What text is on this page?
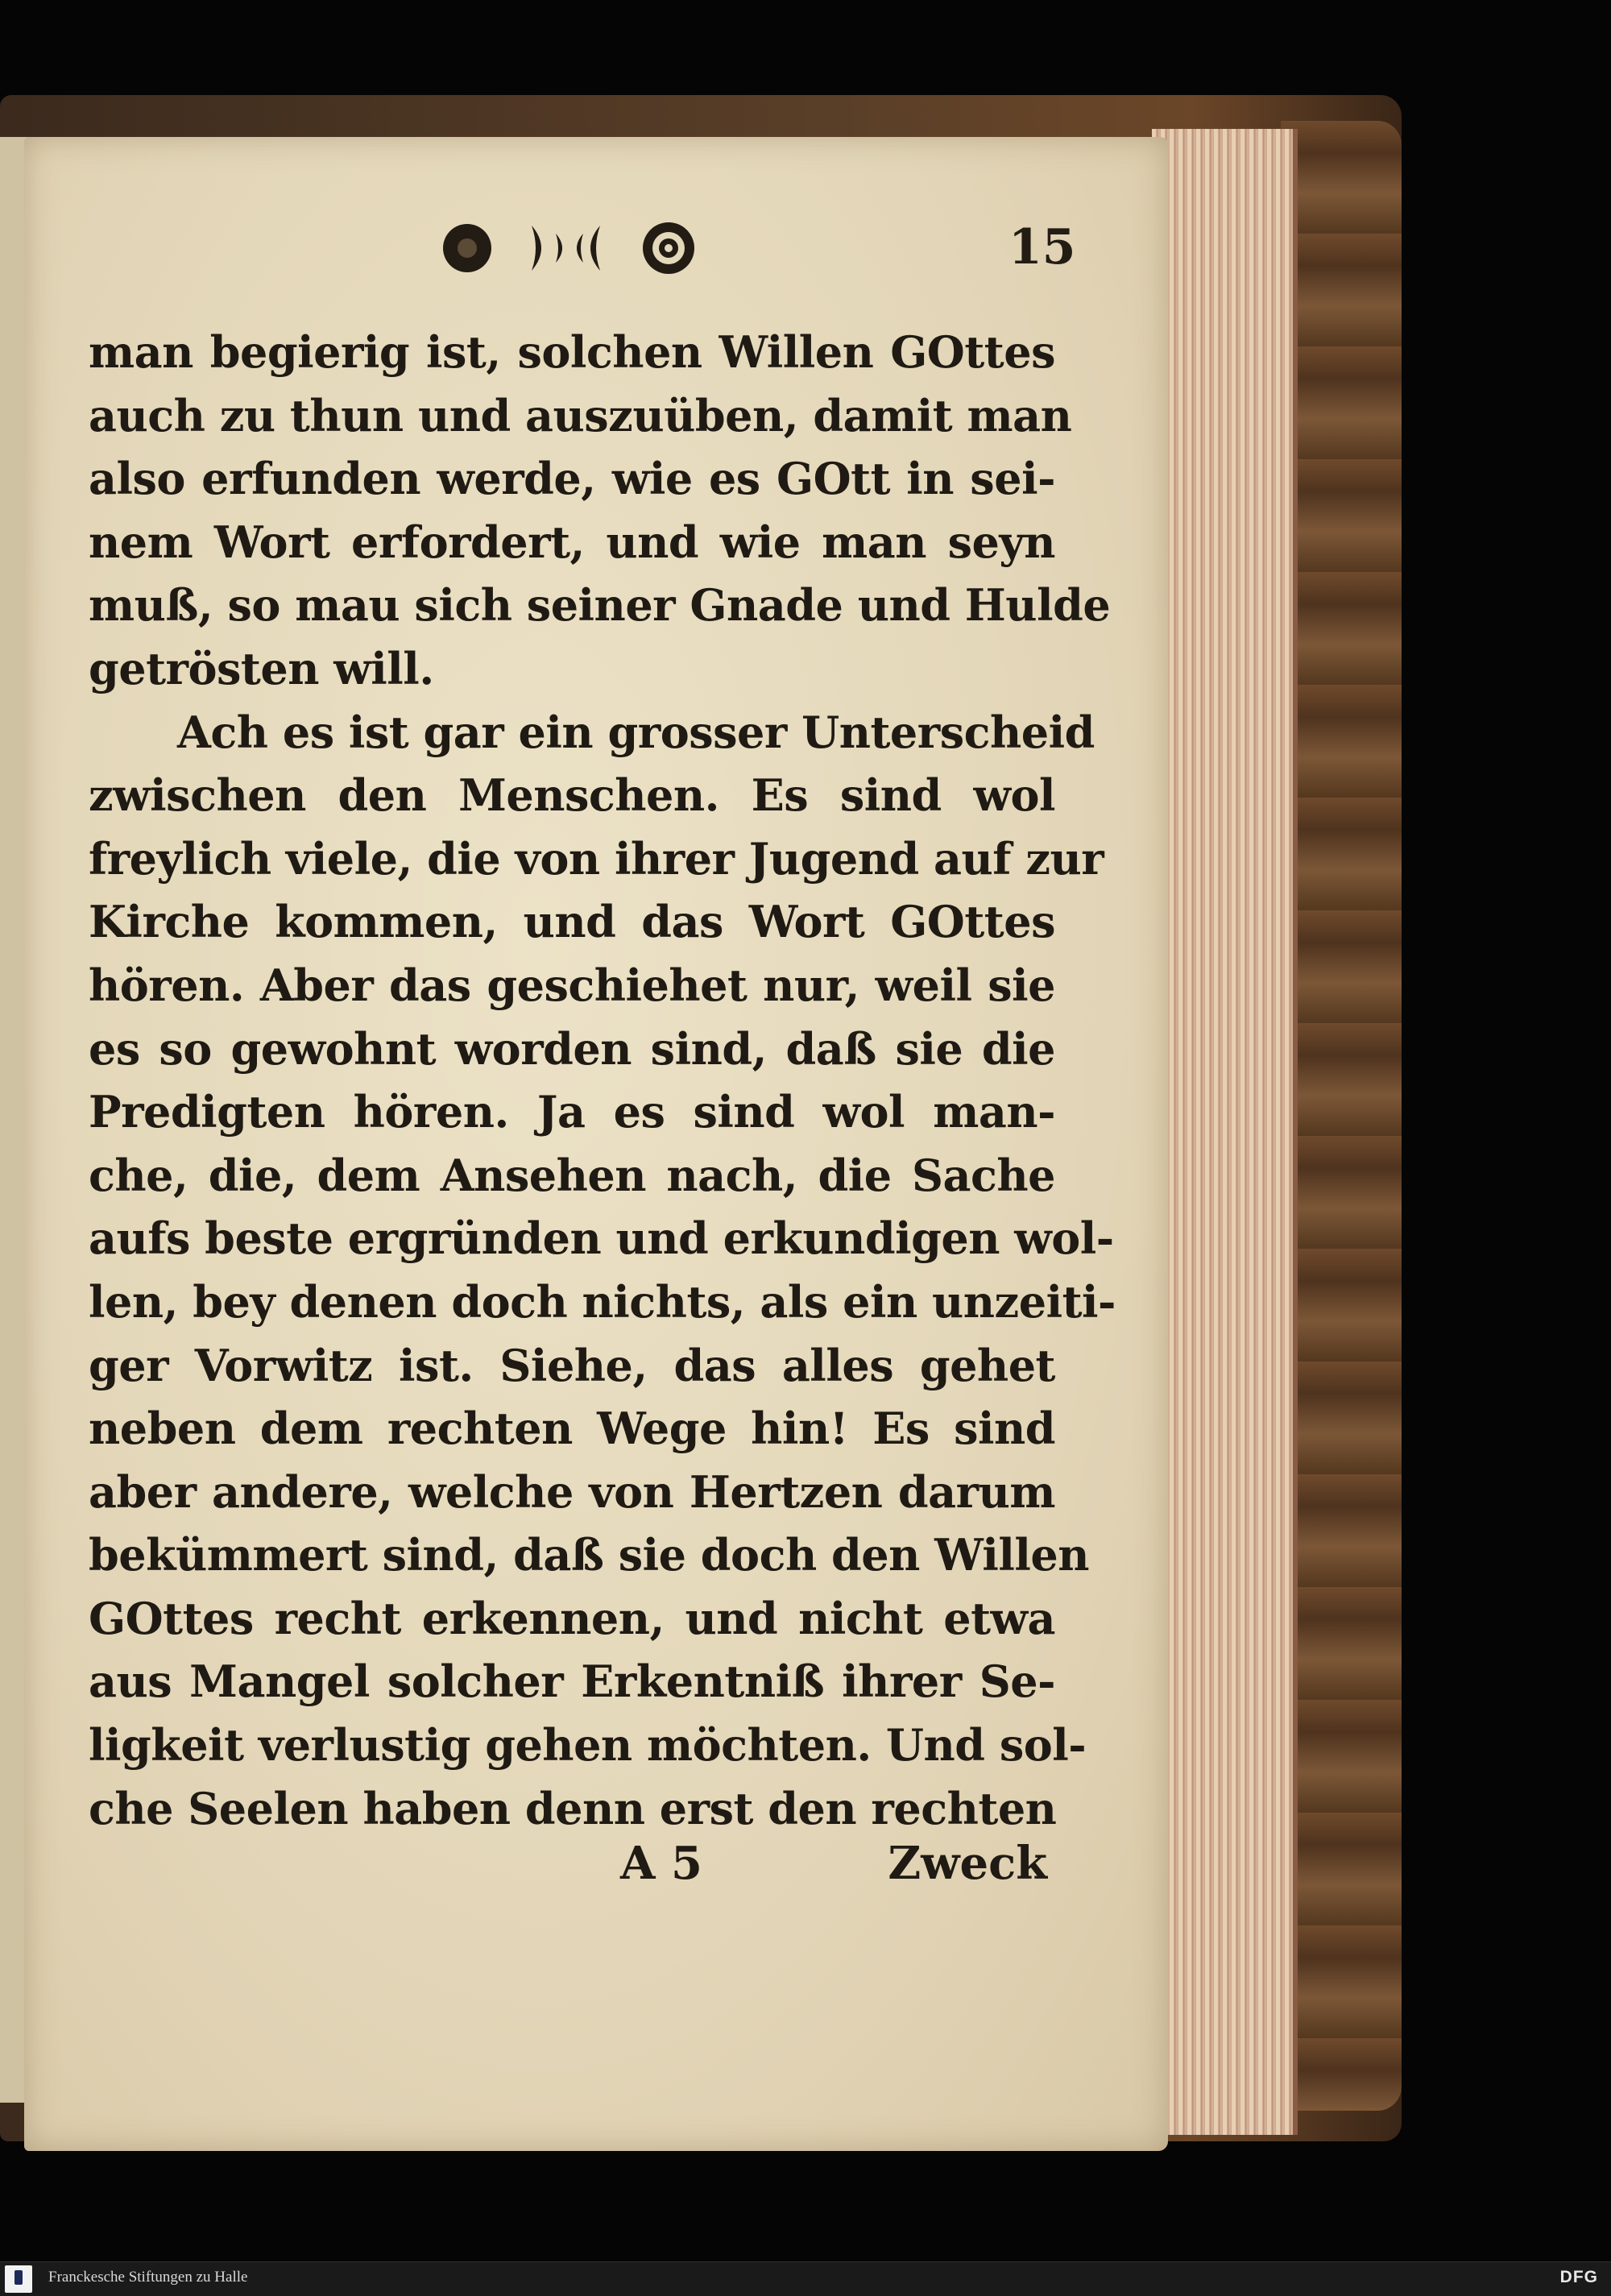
15
man begierig ist, solchen Willen GOttes
auch zu thun und auszuüben, damit man
also erfunden werde, wie es GOtt in sei-
nem Wort erfordert, und wie man seyn
muß, so mau sich seiner Gnade und Hulde
getrösten will.
Ach es ist gar ein grosser Unterscheid
zwischen den Menschen. Es sind wol
freylich viele, die von ihrer Jugend auf zur
Kirche kommen, und das Wort GOttes
hören. Aber das geschiehet nur, weil sie
es so gewohnt worden sind, daß sie die
Predigten hören. Ja es sind wol man-
che, die, dem Ansehen nach, die Sache
aufs beste ergründen und erkundigen wol-
len, bey denen doch nichts, als ein unzeiti-
ger Vorwitz ist. Siehe, das alles gehet
neben dem rechten Wege hin! Es sind
aber andere, welche von Hertzen darum
bekümmert sind, daß sie doch den Willen
GOttes recht erkennen, und nicht etwa
aus Mangel solcher Erkentniß ihrer Se-
ligkeit verlustig gehen möchten. Und sol-
che Seelen haben denn erst den rechten
A 5	Zweck
Franckesche Stiftungen zu Halle	DFG
